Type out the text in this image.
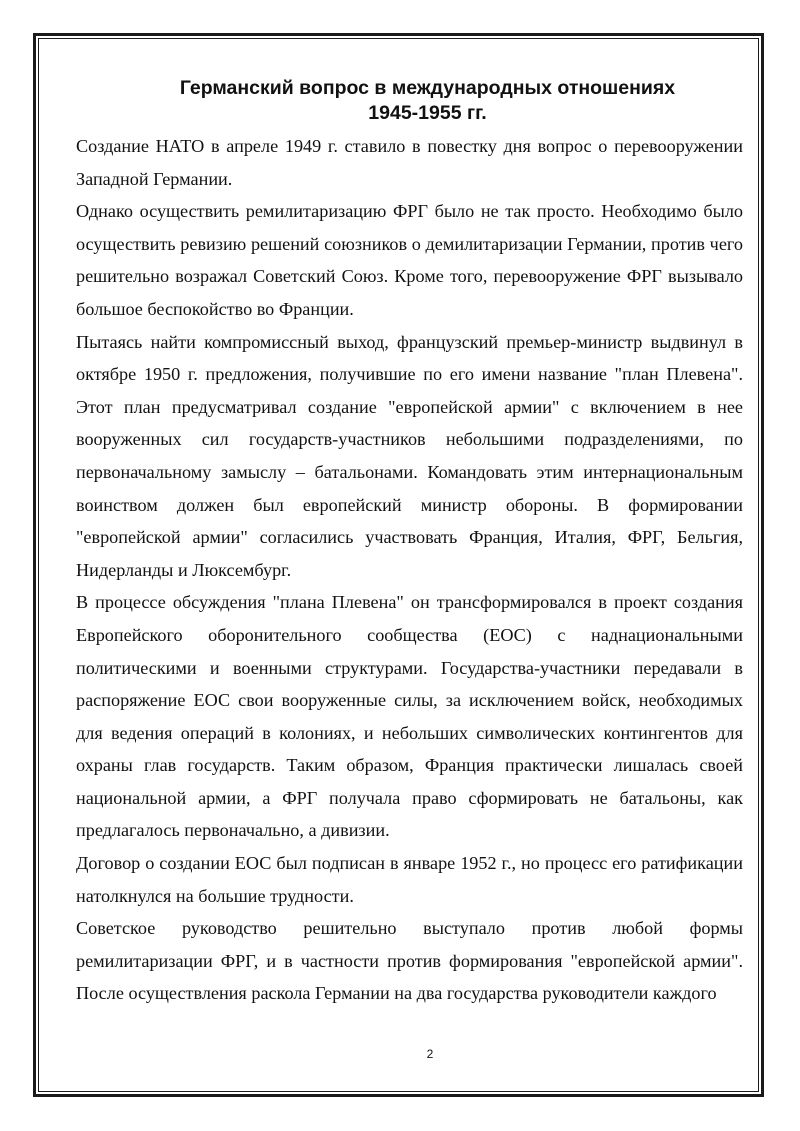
Германский вопрос в международных отношениях
1945-1955 гг.

Создание НАТО в апреле 1949 г. ставило в повестку дня вопрос о перевооружении Западной Германии.

Однако осуществить ремилитаризацию ФРГ было не так просто. Необходимо было осуществить ревизию решений союзников о демилитаризации Германии, против чего решительно возражал Советский Союз. Кроме того, перевооружение ФРГ вызывало большое беспокойство во Франции.

Пытаясь найти компромиссный выход, французский премьер-министр выдвинул в октябре 1950 г. предложения, получившие по его имени название "план Плевена". Этот план предусматривал создание "европейской армии" с включением в нее вооруженных сил государств-участников небольшими подразделениями, по первоначальному замыслу – батальонами. Командовать этим интернациональным воинством должен был европейский министр обороны. В формировании "европейской армии" согласились участвовать Франция, Италия, ФРГ, Бельгия, Нидерланды и Люксембург.

В процессе обсуждения "плана Плевена" он трансформировался в проект создания Европейского оборонительного сообщества (ЕОС) с наднациональными политическими и военными структурами. Государства-участники передавали в распоряжение ЕОС свои вооруженные силы, за исключением войск, необходимых для ведения операций в колониях, и небольших символических контингентов для охраны глав государств. Таким образом, Франция практически лишалась своей национальной армии, а ФРГ получала право сформировать не батальоны, как предлагалось первоначально, а дивизии.

Договор о создании ЕОС был подписан в январе 1952 г., но процесс его ратификации натолкнулся на большие трудности.

Советское руководство решительно выступало против любой формы ремилитаризации ФРГ, и в частности против формирования "европейской армии". После осуществления раскола Германии на два государства руководители каждого

2
